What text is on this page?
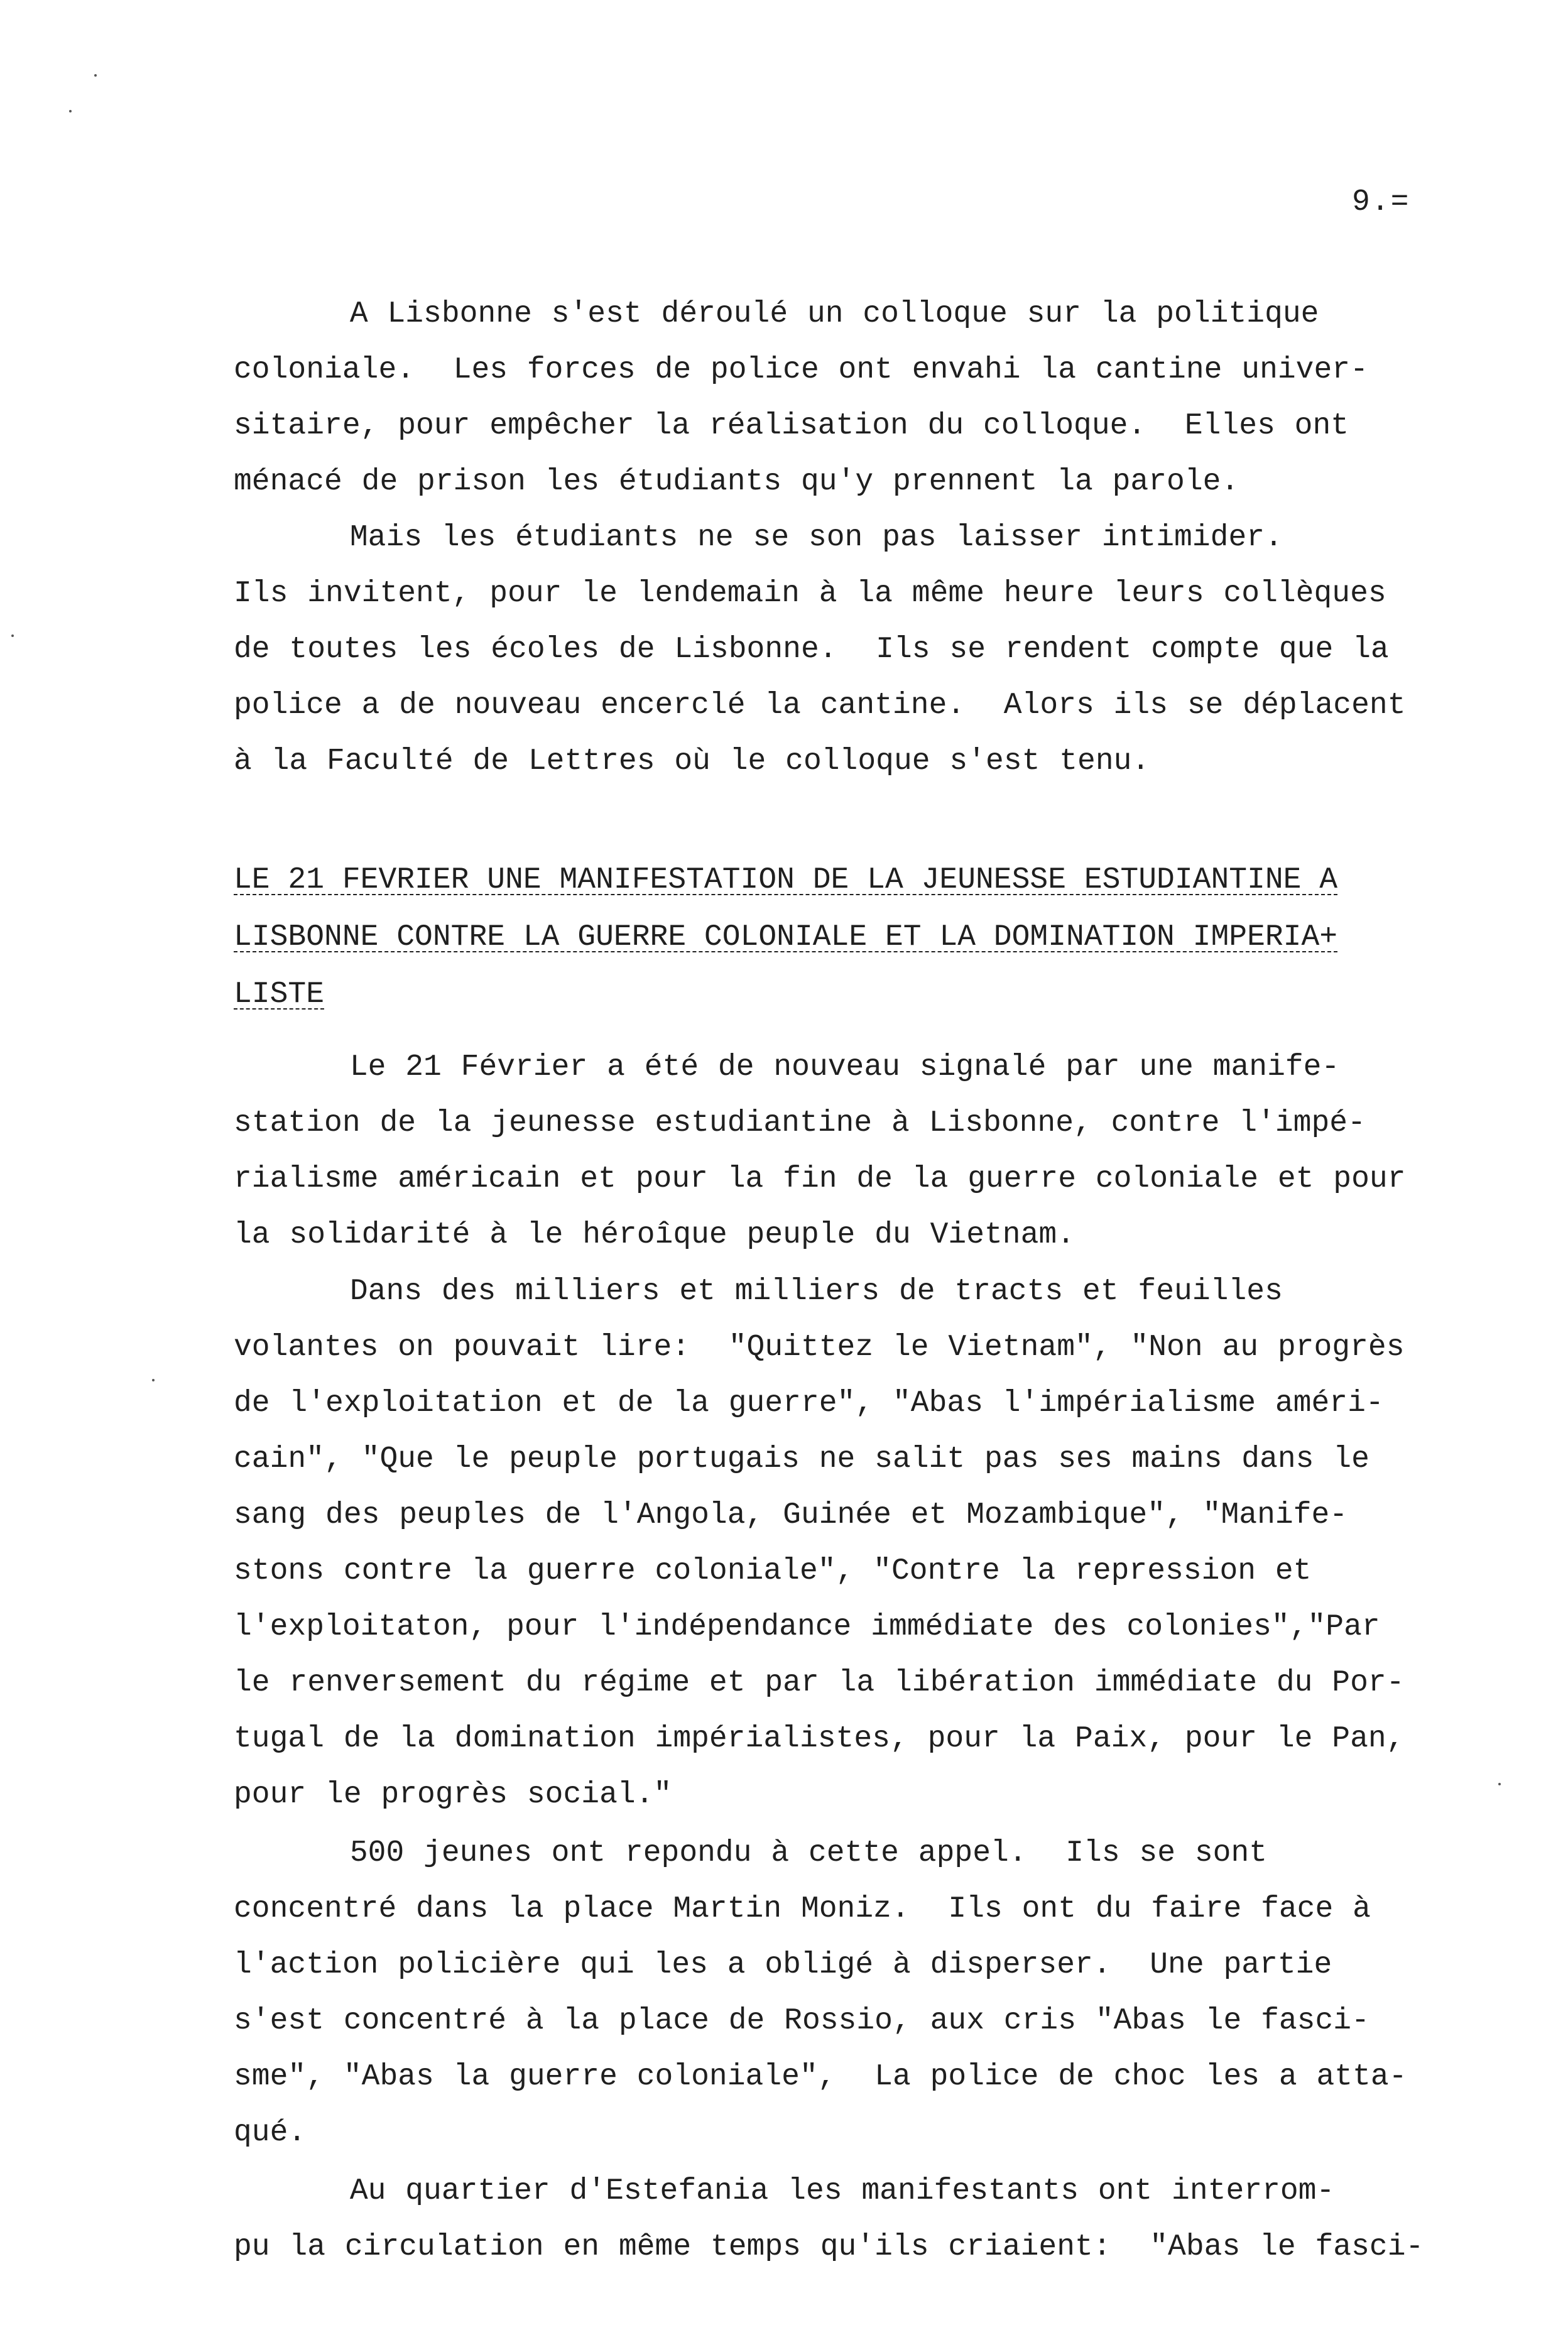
9.=
A Lisbonne s'est déroulé un colloque sur la politique
coloniale.  Les forces de police ont envahi la cantine univer-
sitaire, pour empêcher la réalisation du colloque.  Elles ont
ménacé de prison les étudiants qu'y prennent la parole.
Mais les étudiants ne se son pas laisser intimider.
Ils invitent, pour le lendemain à la même heure leurs collèques
de toutes les écoles de Lisbonne.  Ils se rendent compte que la
police a de nouveau encerclé la cantine.  Alors ils se déplacent
à la Faculté de Lettres où le colloque s'est tenu.
LE 21 FEVRIER UNE MANIFESTATION DE LA JEUNESSE ESTUDIANTINE A
LISBONNE CONTRE LA GUERRE COLONIALE ET LA DOMINATION IMPERIA+
LISTE
Le 21 Février a été de nouveau signalé par une manife-
station de la jeunesse estudiantine à Lisbonne, contre l'impé-
rialisme américain et pour la fin de la guerre coloniale et pour
la solidarité à le héroîque peuple du Vietnam.
Dans des milliers et milliers de tracts et feuilles
volantes on pouvait lire:  "Quittez le Vietnam", "Non au progrès
de l'exploitation et de la guerre", "Abas l'impérialisme améri-
cain", "Que le peuple portugais ne salit pas ses mains dans le
sang des peuples de l'Angola, Guinée et Mozambique", "Manife-
stons contre la guerre coloniale", "Contre la repression et
l'exploitaton, pour l'indépendance immédiate des colonies","Par
le renversement du régime et par la libération immédiate du Por-
tugal de la domination impérialistes, pour la Paix, pour le Pan,
pour le progrès social."
500 jeunes ont repondu à cette appel.  Ils se sont
concentré dans la place Martin Moniz.  Ils ont du faire face à
l'action policière qui les a obligé à disperser.  Une partie
s'est concentré à la place de Rossio, aux cris "Abas le fasci-
sme", "Abas la guerre coloniale",  La police de choc les a atta-
qué.
Au quartier d'Estefania les manifestants ont interrom-
pu la circulation en même temps qu'ils criaient:  "Abas le fasci-
